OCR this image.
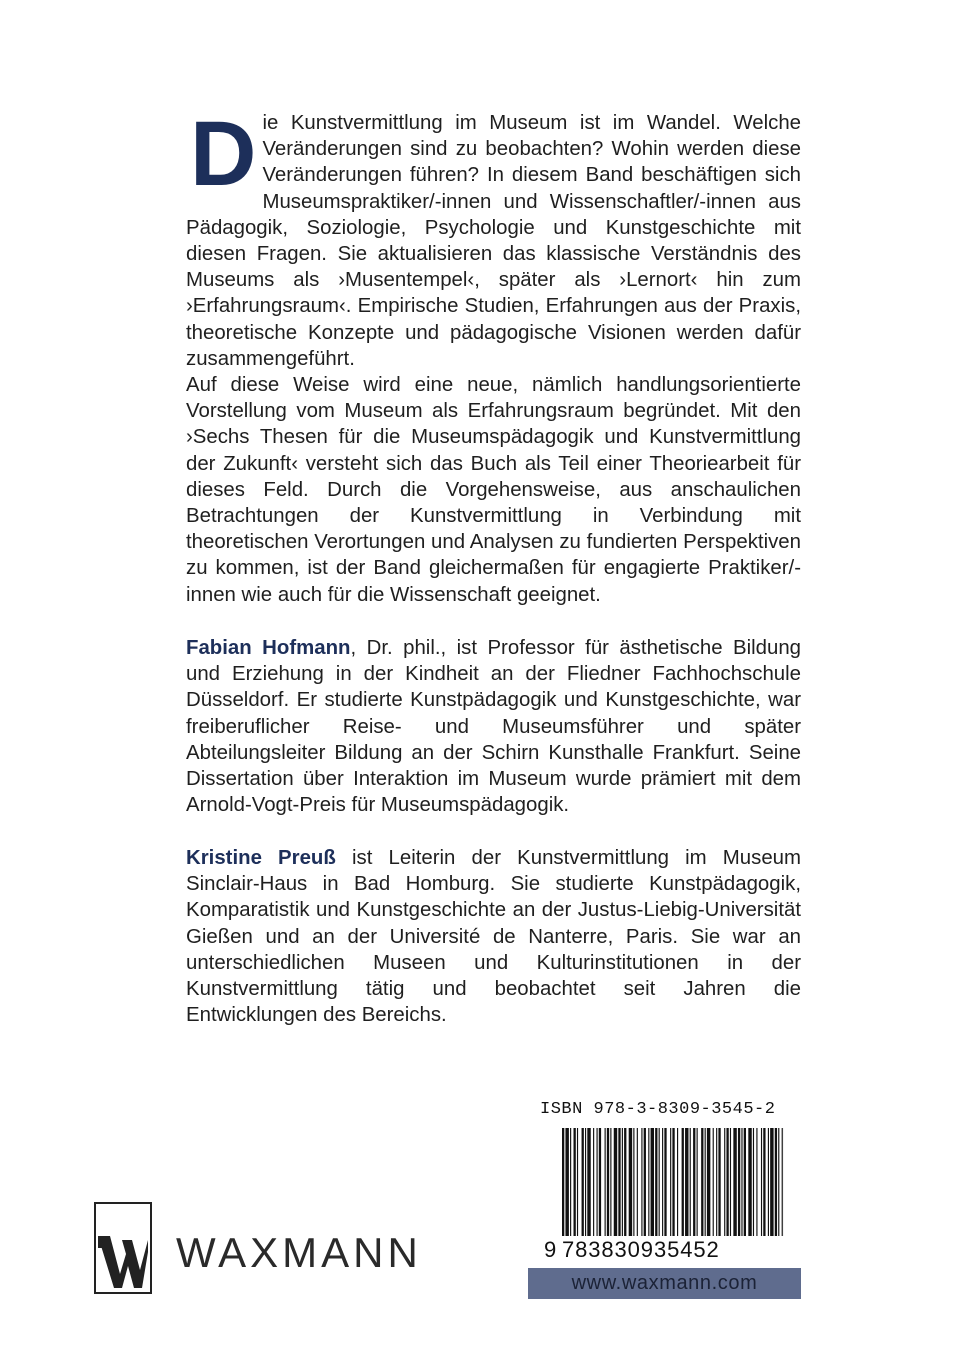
Die Kunstvermittlung im Museum ist im Wandel. Welche Veränderungen sind zu beobachten? Wohin werden diese Veränderungen führen? In diesem Band beschäftigen sich Museumspraktiker/-innen und Wissenschaftler/-innen aus Pädagogik, Soziologie, Psychologie und Kunstgeschichte mit diesen Fragen. Sie aktualisieren das klassische Verständnis des Museums als ›Musentempel‹, später als ›Lernort‹ hin zum ›Erfahrungsraum‹. Empirische Studien, Erfahrungen aus der Praxis, theoretische Konzepte und pädagogische Visionen werden dafür zusammengeführt.

Auf diese Weise wird eine neue, nämlich handlungsorientierte Vorstellung vom Museum als Erfahrungsraum begründet. Mit den ›Sechs Thesen für die Museumspädagogik und Kunstvermittlung der Zukunft‹ versteht sich das Buch als Teil einer Theoriearbeit für dieses Feld. Durch die Vorgehensweise, aus anschaulichen Betrachtungen der Kunstvermittlung in Verbindung mit theoretischen Verortungen und Analysen zu fundierten Perspektiven zu kommen, ist der Band gleichermaßen für engagierte Praktiker/-innen wie auch für die Wissenschaft geeignet.

Fabian Hofmann, Dr. phil., ist Professor für ästhetische Bildung und Erziehung in der Kindheit an der Fliedner Fachhochschule Düsseldorf. Er studierte Kunstpädagogik und Kunstgeschichte, war freiberuflicher Reise- und Museumsführer und später Abteilungsleiter Bildung an der Schirn Kunsthalle Frankfurt. Seine Dissertation über Interaktion im Museum wurde prämiert mit dem Arnold-Vogt-Preis für Museumspädagogik.

Kristine Preuß ist Leiterin der Kunstvermittlung im Museum Sinclair-Haus in Bad Homburg. Sie studierte Kunstpädagogik, Komparatistik und Kunstgeschichte an der Justus-Liebig-Universität Gießen und an der Université de Nanterre, Paris. Sie war an unterschiedlichen Museen und Kulturinstitutionen in der Kunstvermittlung tätig und beobachtet seit Jahren die Entwicklungen des Bereichs.

ISBN 978-3-8309-3545-2
9 783830935452
www.waxmann.com
WAXMANN
